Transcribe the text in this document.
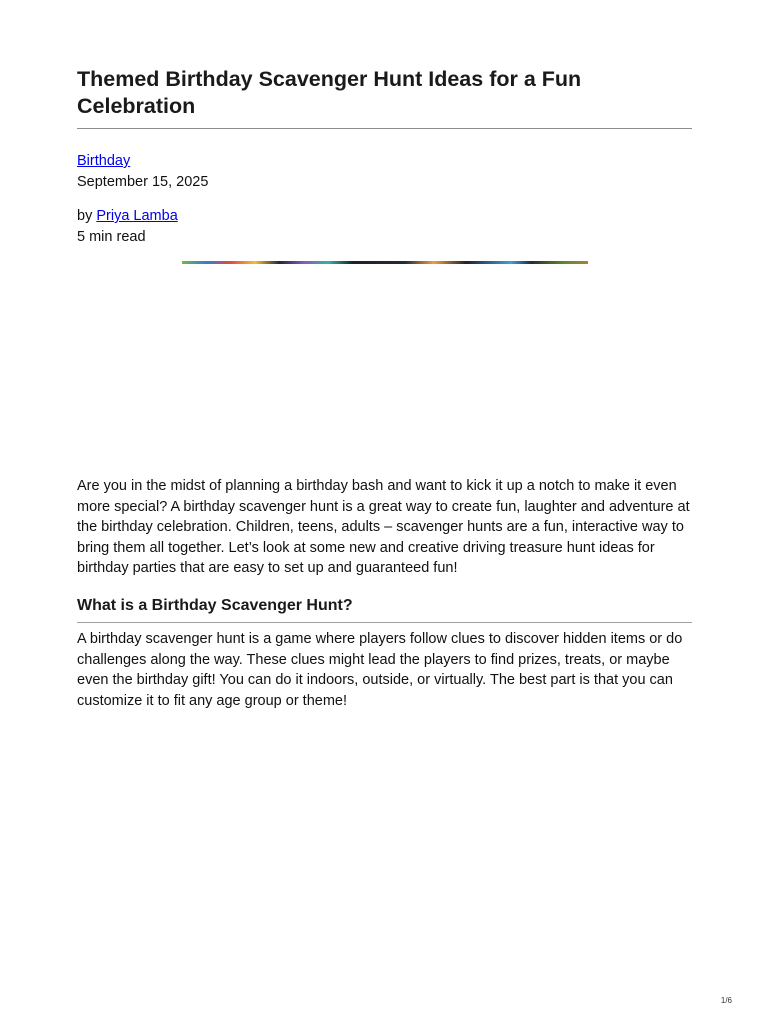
Themed Birthday Scavenger Hunt Ideas for a Fun Celebration
Birthday
September 15, 2025
by Priya Lamba
5 min read

Are you in the midst of planning a birthday bash and want to kick it up a notch to make it even more special? A birthday scavenger hunt is a great way to create fun, laughter and adventure at the birthday celebration. Children, teens, adults – scavenger hunts are a fun, interactive way to bring them all together. Let’s look at some new and creative driving treasure hunt ideas for birthday parties that are easy to set up and guaranteed fun!

What is a Birthday Scavenger Hunt?

A birthday scavenger hunt is a game where players follow clues to discover hidden items or do challenges along the way. These clues might lead the players to find prizes, treats, or maybe even the birthday gift! You can do it indoors, outside, or virtually. The best part is that you can customize it to fit any age group or theme!

1/6
